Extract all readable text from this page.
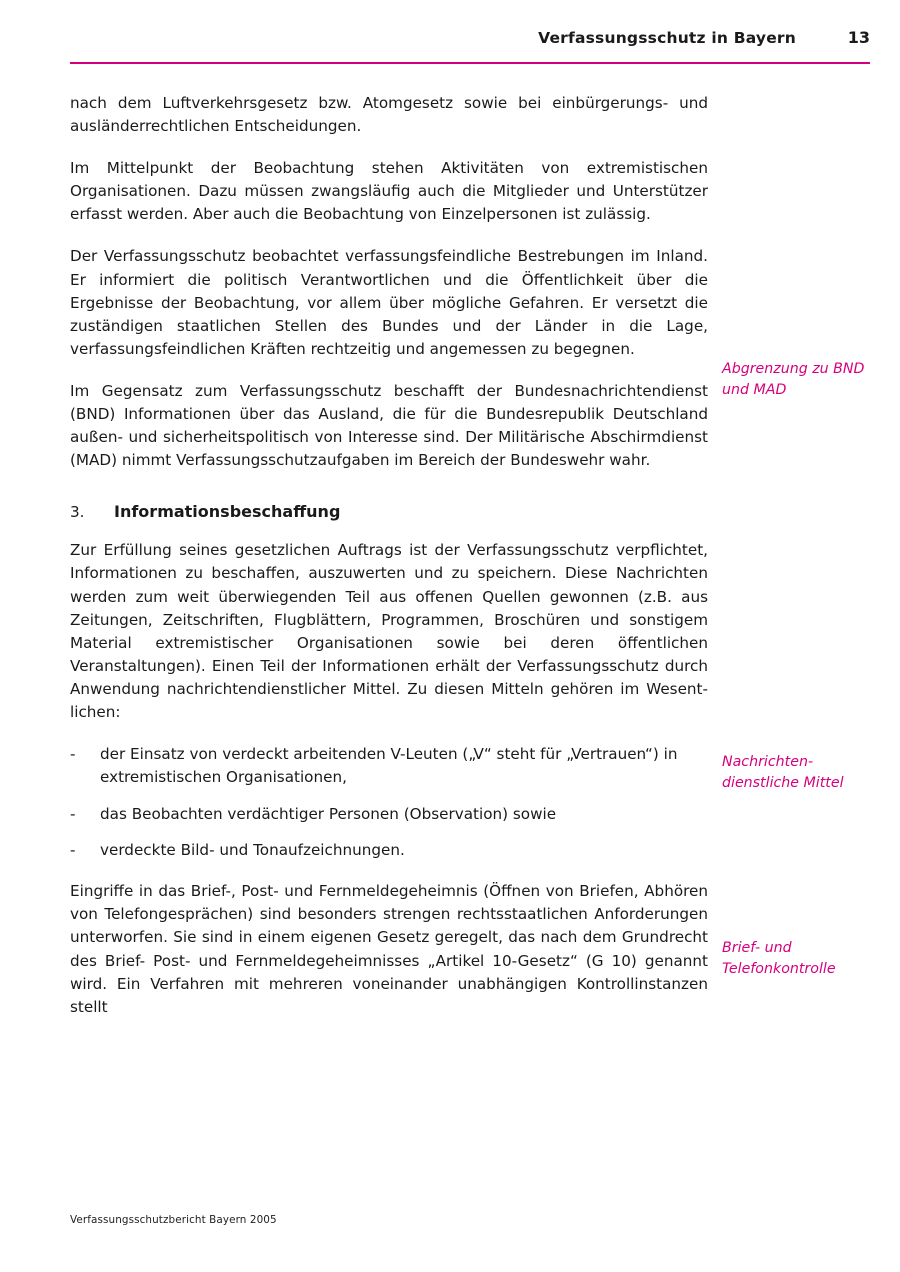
Verfassungsschutz in Bayern	13

nach dem Luftverkehrsgesetz bzw. Atomgesetz sowie bei einbürgerungs- und ausländerrechtlichen Entscheidungen.

Im Mittelpunkt der Beobachtung stehen Aktivitäten von extremistischen Organisationen. Dazu müssen zwangsläufig auch die Mitglieder und Unterstützer erfasst werden. Aber auch die Beobachtung von Einzelpersonen ist zulässig.

Der Verfassungsschutz beobachtet verfassungsfeindliche Bestrebungen im Inland. Er informiert die politisch Verantwortlichen und die Öffentlichkeit über die Ergebnisse der Beobachtung, vor allem über mögliche Gefahren. Er versetzt die zuständigen staatlichen Stellen des Bundes und der Länder in die Lage, verfassungsfeindlichen Kräften rechtzeitig und angemessen zu begegnen.

Im Gegensatz zum Verfassungsschutz beschafft der Bundesnachrichtendienst (BND) Informationen über das Ausland, die für die Bundesrepublik Deutschland außen- und sicherheitspolitisch von Interesse sind. Der Militärische Abschirmdienst (MAD) nimmt Verfassungsschutzaufgaben im Bereich der Bundeswehr wahr.

3.	Informationsbeschaffung

Zur Erfüllung seines gesetzlichen Auftrags ist der Verfassungsschutz verpflichtet, Informationen zu beschaffen, auszuwerten und zu speichern. Diese Nachrichten werden zum weit überwiegenden Teil aus offenen Quellen gewonnen (z.B. aus Zeitungen, Zeitschriften, Flugblättern, Programmen, Broschüren und sonstigem Material extremistischer Organisationen sowie bei deren öffentlichen Veranstaltungen). Einen Teil der Informationen erhält der Verfassungsschutz durch Anwendung nachrichtendienstlicher Mittel. Zu diesen Mitteln gehören im Wesentlichen:

-	der Einsatz von verdeckt arbeitenden V-Leuten („V“ steht für „Vertrauen“) in extremistischen Organisationen,
-	das Beobachten verdächtiger Personen (Observation) sowie
-	verdeckte Bild- und Tonaufzeichnungen.

Eingriffe in das Brief-, Post- und Fernmeldegeheimnis (Öffnen von Briefen, Abhören von Telefongesprächen) sind besonders strengen rechtsstaatlichen Anforderungen unterworfen. Sie sind in einem eigenen Gesetz geregelt, das nach dem Grundrecht des Brief- Post- und Fernmeldegeheimnisses „Artikel 10-Gesetz“ (G 10) genannt wird. Ein Verfahren mit mehreren voneinander unabhängigen Kontrollinstanzen stellt

Abgrenzung zu BND und MAD
Nachrichtendienstliche Mittel
Brief- und Telefonkontrolle
Verfassungsschutzbericht Bayern 2005
